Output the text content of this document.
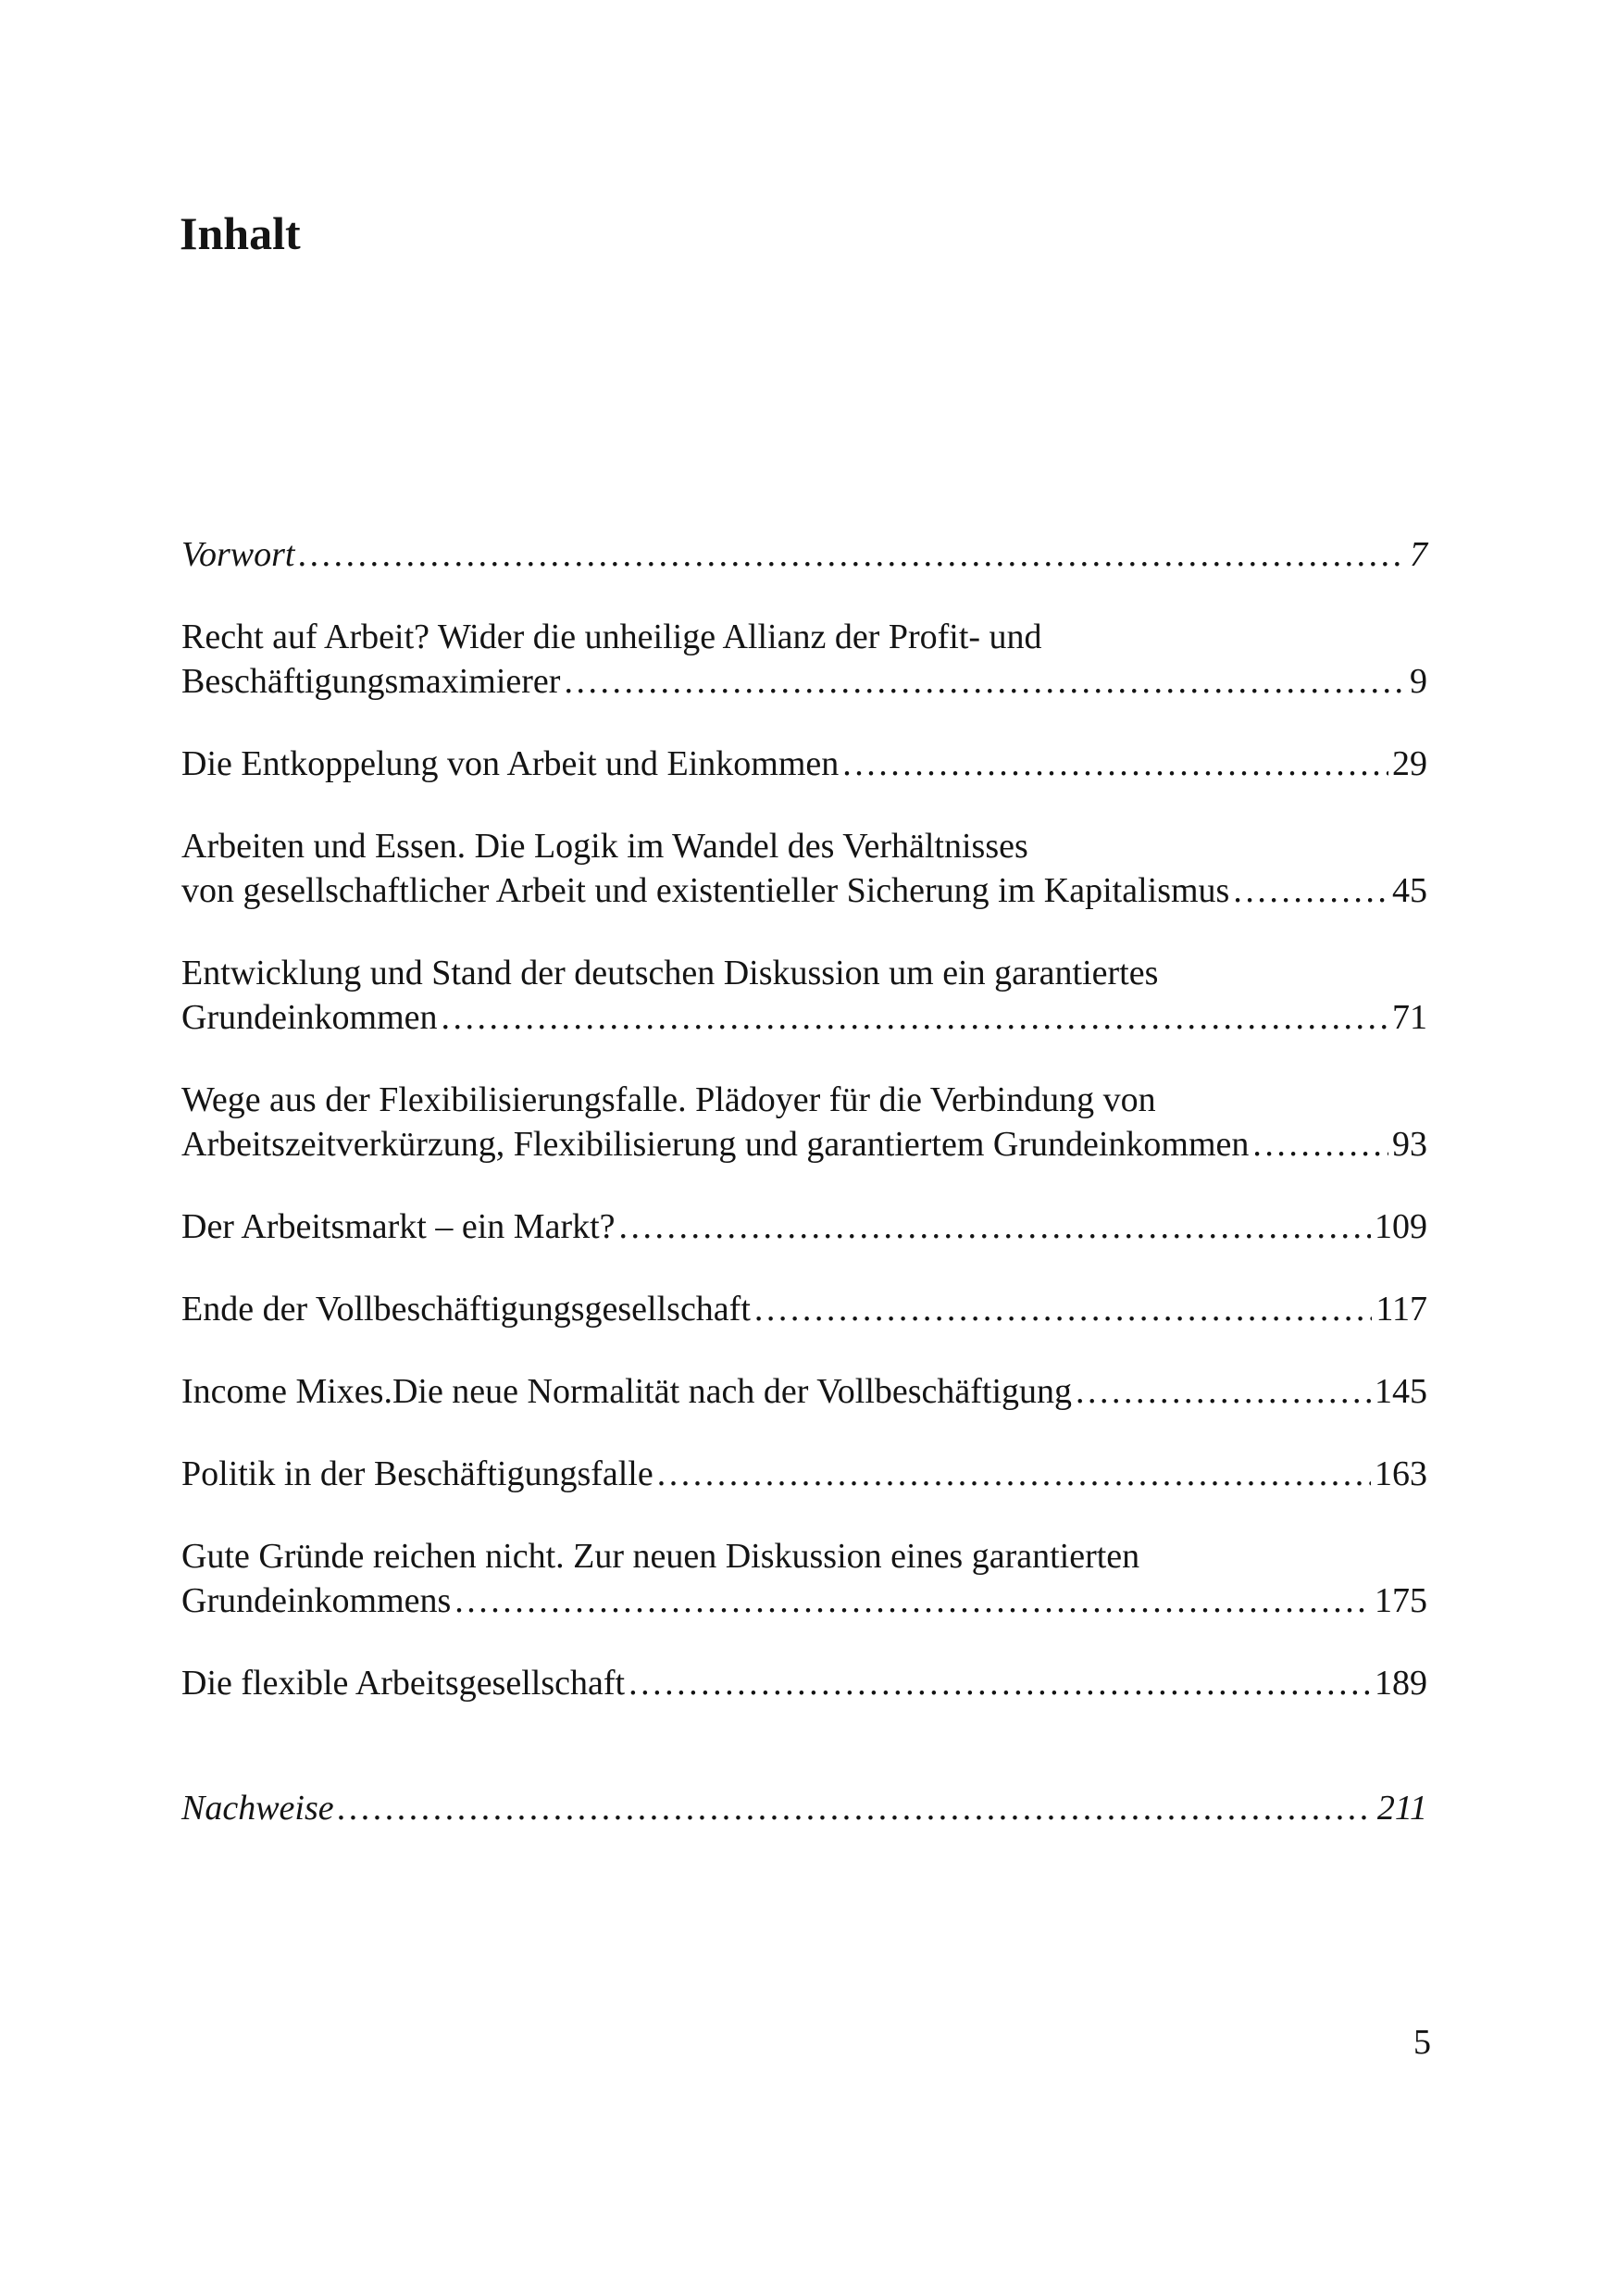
Inhalt
Vorwort . . .	7
Recht auf Arbeit? Wider die unheilige Allianz der Profit- und
Beschäftigungsmaximierer . . .	9
Die Entkoppelung von Arbeit und Einkommen . . .	29
Arbeiten und Essen. Die Logik im Wandel des Verhältnisses
von gesellschaftlicher Arbeit und existentieller Sicherung im Kapitalismus . . .	45
Entwicklung und Stand der deutschen Diskussion um ein garantiertes
Grundeinkommen . . .	71
Wege aus der Flexibilisierungsfalle. Plädoyer für die Verbindung von
Arbeitszeitverkürzung, Flexibilisierung und garantiertem Grundeinkommen . . .	93
Der Arbeitsmarkt – ein Markt? . . .	109
Ende der Vollbeschäftigungsgesellschaft . . .	117
Income Mixes.Die neue Normalität nach der Vollbeschäftigung . . .	145
Politik in der Beschäftigungsfalle . . .	163
Gute Gründe reichen nicht. Zur neuen Diskussion eines garantierten
Grundeinkommens . . .	175
Die flexible Arbeitsgesellschaft . . .	189
Nachweise . . .	211
5
